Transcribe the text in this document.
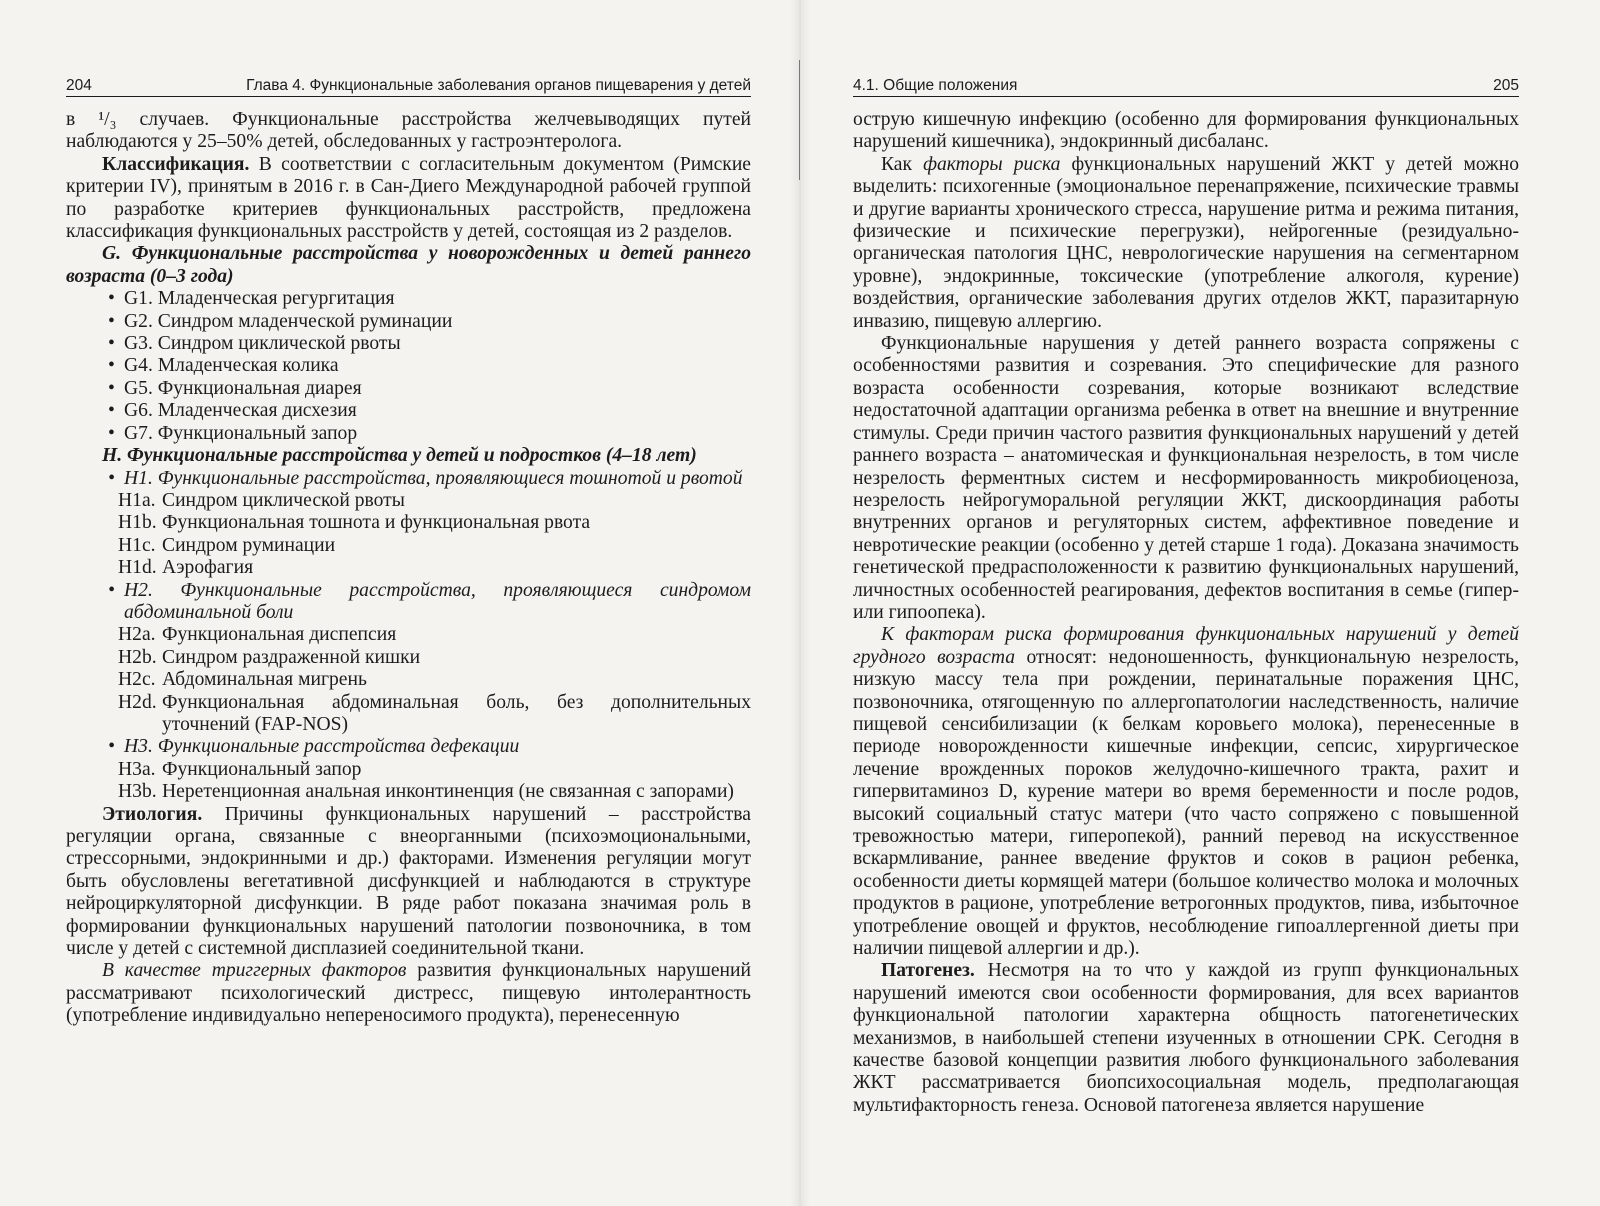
204	Глава 4. Функциональные заболевания органов пищеварения у детей

в ¹/₃ случаев. Функциональные расстройства желчевыводящих путей наблюдаются у 25–50% детей, обследованных у гастроэнтеролога.

Классификация. В соответствии с согласительным документом (Римские критерии IV), принятым в 2016 г. в Сан-Диего Международной рабочей группой по разработке критериев функциональных расстройств, предложена классификация функциональных расстройств у детей, состоящая из 2 разделов.

G. Функциональные расстройства у новорожденных и детей раннего возраста (0–3 года)

• G1. Младенческая регургитация
• G2. Синдром младенческой руминации
• G3. Синдром циклической рвоты
• G4. Младенческая колика
• G5. Функциональная диарея
• G6. Младенческая дисхезия
• G7. Функциональный запор

H. Функциональные расстройства у детей и подростков (4–18 лет)

• H1. Функциональные расстройства, проявляющиеся тошнотой и рвотой
H1a. Синдром циклической рвоты
H1b. Функциональная тошнота и функциональная рвота
H1c. Синдром руминации
H1d. Аэрофагия
• H2. Функциональные расстройства, проявляющиеся синдромом абдоминальной боли
H2a. Функциональная диспепсия
H2b. Синдром раздраженной кишки
H2c. Абдоминальная мигрень
H2d. Функциональная абдоминальная боль, без дополнительных уточнений (FAP-NOS)
• H3. Функциональные расстройства дефекации
H3a. Функциональный запор
H3b. Неретенционная анальная инконтиненция (не связанная с запорами)

Этиология. Причины функциональных нарушений – расстройства регуляции органа, связанные с внеорганными (психоэмоциональными, стрессорными, эндокринными и др.) факторами. Изменения регуляции могут быть обусловлены вегетативной дисфункцией и наблюдаются в структуре нейроциркуляторной дисфункции. В ряде работ показана значимая роль в формировании функциональных нарушений патологии позвоночника, в том числе у детей с системной дисплазией соединительной ткани.

В качестве триггерных факторов развития функциональных нарушений рассматривают психологический дистресс, пищевую интолерантность (употребление индивидуально непереносимого продукта), перенесенную

4.1. Общие положения	205

острую кишечную инфекцию (особенно для формирования функциональных нарушений кишечника), эндокринный дисбаланс.

Как факторы риска функциональных нарушений ЖКТ у детей можно выделить: психогенные (эмоциональное перенапряжение, психические травмы и другие варианты хронического стресса, нарушение ритма и режима питания, физические и психические перегрузки), нейрогенные (резидуально-органическая патология ЦНС, неврологические нарушения на сегментарном уровне), эндокринные, токсические (употребление алкоголя, курение) воздействия, органические заболевания других отделов ЖКТ, паразитарную инвазию, пищевую аллергию.

Функциональные нарушения у детей раннего возраста сопряжены с особенностями развития и созревания. Это специфические для разного возраста особенности созревания, которые возникают вследствие недостаточной адаптации организма ребенка в ответ на внешние и внутренние стимулы. Среди причин частого развития функциональных нарушений у детей раннего возраста – анатомическая и функциональная незрелость, в том числе незрелость ферментных систем и несформированность микробиоценоза, незрелость нейрогуморальной регуляции ЖКТ, дискоординация работы внутренних органов и регуляторных систем, аффективное поведение и невротические реакции (особенно у детей старше 1 года). Доказана значимость генетической предрасположенности к развитию функциональных нарушений, личностных особенностей реагирования, дефектов воспитания в семье (гипер- или гипоопека).

К факторам риска формирования функциональных нарушений у детей грудного возраста относят: недоношенность, функциональную незрелость, низкую массу тела при рождении, перинатальные поражения ЦНС, позвоночника, отягощенную по аллергопатологии наследственность, наличие пищевой сенсибилизации (к белкам коровьего молока), перенесенные в периоде новорожденности кишечные инфекции, сепсис, хирургическое лечение врожденных пороков желудочно-кишечного тракта, рахит и гипервитаминоз D, курение матери во время беременности и после родов, высокий социальный статус матери (что часто сопряжено с повышенной тревожностью матери, гиперопекой), ранний перевод на искусственное вскармливание, раннее введение фруктов и соков в рацион ребенка, особенности диеты кормящей матери (большое количество молока и молочных продуктов в рационе, употребление ветрогонных продуктов, пива, избыточное употребление овощей и фруктов, несоблюдение гипоаллергенной диеты при наличии пищевой аллергии и др.).

Патогенез. Несмотря на то что у каждой из групп функциональных нарушений имеются свои особенности формирования, для всех вариантов функциональной патологии характерна общность патогенетических механизмов, в наибольшей степени изученных в отношении СРК. Сегодня в качестве базовой концепции развития любого функционального заболевания ЖКТ рассматривается биопсихосоциальная модель, предполагающая мультифакторность генеза. Основой патогенеза является нарушение
